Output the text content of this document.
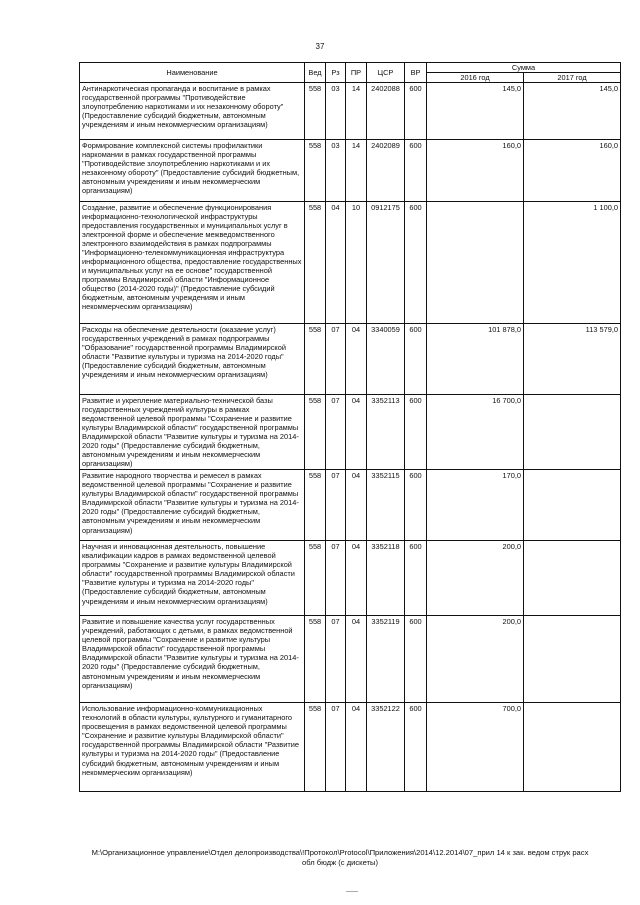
37
Наименование	Вед	Рз	ПР	ЦСР	ВР	Сумма	
						2016 год	2017 год
Антинаркотическая пропаганда и воспитание в рамках государственной программы "Противодействие злоупотреблению наркотиками и их незаконному обороту" (Предоставление субсидий бюджетным, автономным учреждениям и иным некоммерческим организациям)	558	03	14	2402088	600	145,0	145,0
Формирование комплексной системы профилактики наркомании в рамках государственной программы "Противодействие злоупотреблению наркотиками и их незаконному обороту" (Предоставление субсидий бюджетным, автономным учреждениям и иным некоммерческим организациям)	558	03	14	2402089	600	160,0	160,0
Создание, развитие и обеспечение функционирования информационно-технологической инфраструктуры предоставления государственных и муниципальных услуг в электронной форме и обеспечение межведомственного электронного взаимодействия в рамках подпрограммы "Информационно-телекоммуникационная инфраструктура информационного общества, предоставление государственных и муниципальных услуг на ее основе" государственной программы Владимирской области "Информационное общество (2014-2020 годы)" (Предоставление субсидий бюджетным, автономным учреждениям и иным некоммерческим организациям)	558	04	10	0912175	600		1 100,0
Расходы на обеспечение деятельности (оказание услуг) государственных учреждений в рамках подпрограммы "Образование" государственной программы Владимирской области "Развитие культуры и туризма на 2014-2020 годы" (Предоставление субсидий бюджетным, автономным учреждениям и иным некоммерческим организациям)	558	07	04	3340059	600	101 878,0	113 579,0
Развитие и укрепление материально-технической базы государственных учреждений культуры в рамках ведомственной целевой программы "Сохранение и развитие культуры Владимирской области" государственной программы Владимирской области "Развитие культуры и туризма на 2014-2020 годы" (Предоставление субсидий бюджетным, автономным учреждениям и иным некоммерческим организациям)	558	07	04	3352113	600	16 700,0	
Развитие народного творчества и ремесел в рамках ведомственной целевой программы "Сохранение и развитие культуры Владимирской области" государственной программы Владимирской области "Развитие культуры и туризма на 2014-2020 годы" (Предоставление субсидий бюджетным, автономным учреждениям и иным некоммерческим организациям)	558	07	04	3352115	600	170,0	
Научная и инновационная деятельность, повышение квалификации кадров в рамках ведомственной целевой программы "Сохранение и развитие культуры Владимирской области" государственной программы Владимирской области "Развитие культуры и туризма на 2014-2020 годы" (Предоставление субсидий бюджетным, автономным учреждениям и иным некоммерческим организациям)	558	07	04	3352118	600	200,0	
Развитие и повышение качества услуг государственных учреждений, работающих с детьми, в рамках ведомственной целевой программы "Сохранение и развитие культуры Владимирской области" государственной программы Владимирской области "Развитие культуры и туризма на 2014-2020 годы" (Предоставление субсидий бюджетным, автономным учреждениям и иным некоммерческим организациям)	558	07	04	3352119	600	200,0	
Использование информационно-коммуникационных технологий в области культуры, культурного и гуманитарного просвещения в рамках ведомственной целевой программы "Сохранение и развитие культуры Владимирской области" государственной программы Владимирской области "Развитие культуры и туризма на 2014-2020 годы" (Предоставление субсидий бюджетным, автономным учреждениям и иным некоммерческим организациям)	558	07	04	3352122	600	700,0	
M:\Организационное управление\Отдел делопроизводства\!Протокол\Protocol\Приложения\2014\12.2014\07_прил 14 к зак. ведом струк расх
обл бюдж (с дискеты)
